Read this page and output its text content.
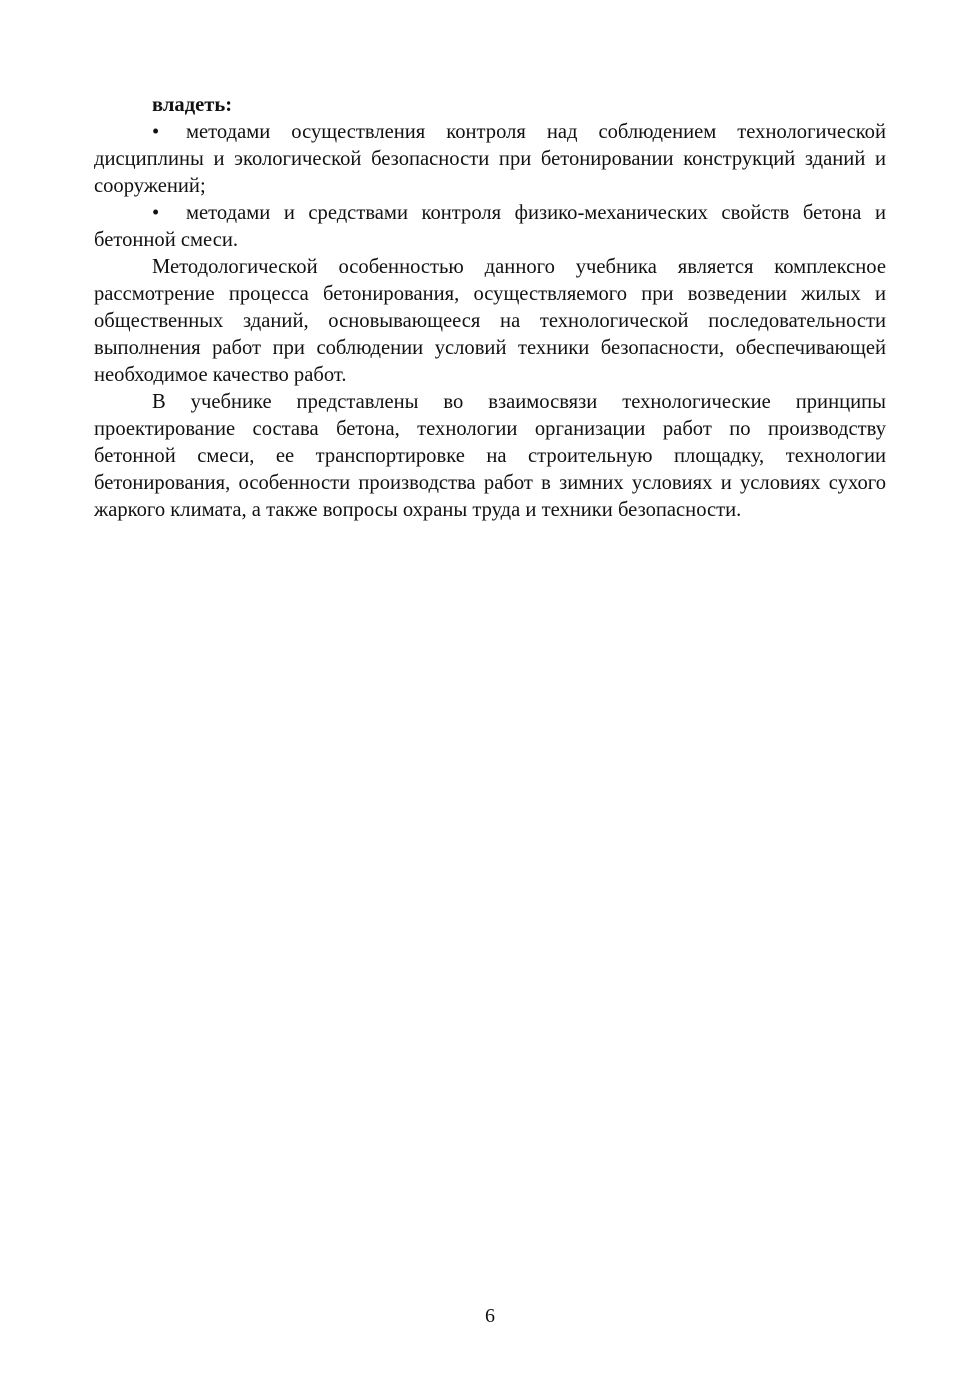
владеть:

• методами осуществления контроля над соблюдением технологической дисциплины и экологической безопасности при бетонировании конструкций зданий и сооружений;

• методами и средствами контроля физико-механических свойств бетона и бетонной смеси.

Методологической особенностью данного учебника является комплексное рассмотрение процесса бетонирования, осуществляемого при возведении жилых и общественных зданий, основывающееся на технологической последовательности выполнения работ при соблюдении условий техники безопасности, обеспечивающей необходимое качество работ.

В учебнике представлены во взаимосвязи технологические принципы проектирование состава бетона, технологии организации работ по производству бетонной смеси, ее транспортировке на строительную площадку, технологии бетонирования, особенности производства работ в зимних условиях и условиях сухого жаркого климата, а также вопросы охраны труда и техники безопасности.

6
